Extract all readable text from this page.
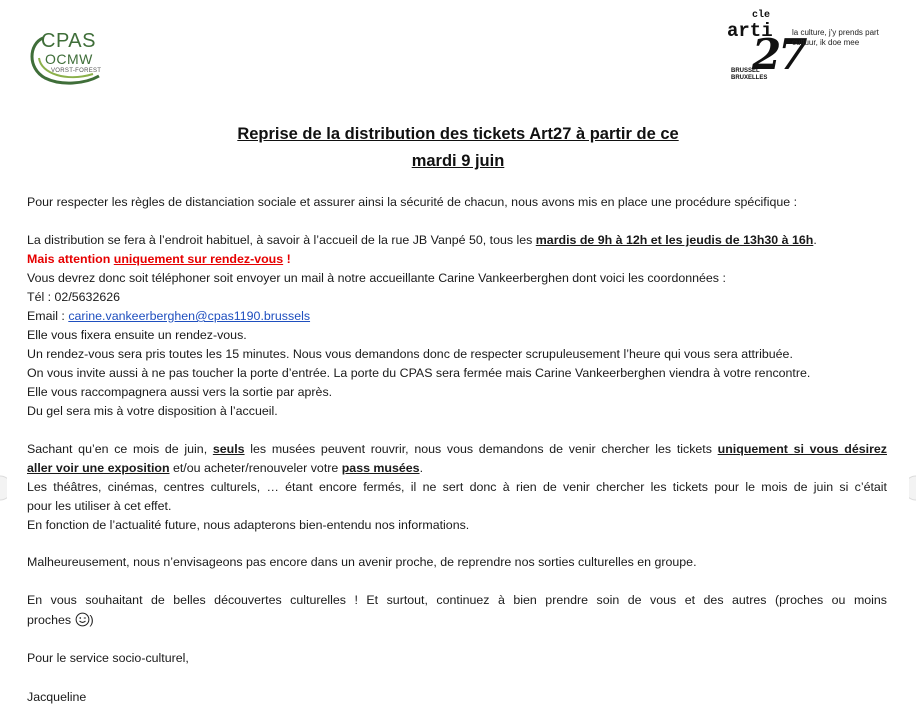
CPAS
OCMW
VORST-FOREST
cle
arti
27
la culture, j'y prends part
cultuur, ik doe mee
BRUSSEL
BRUXELLES
Reprise de la distribution des tickets Art27 à partir de ce
mardi 9 juin
Pour respecter les règles de distanciation sociale et assurer ainsi la sécurité de chacun, nous avons mis en place une procédure spécifique :
La distribution se fera à l’endroit habituel, à savoir à l’accueil de la rue JB Vanpé 50, tous les mardis de 9h à 12h et les jeudis de 13h30 à 16h.
Mais attention uniquement sur rendez-vous !
Vous devrez donc soit téléphoner soit envoyer un mail à notre accueillante Carine Vankeerberghen dont voici les coordonnées :
Tél : 02/5632626
Email : carine.vankeerberghen@cpas1190.brussels
Elle vous fixera ensuite un rendez-vous.
Un rendez-vous sera pris toutes les 15 minutes. Nous vous demandons donc de respecter scrupuleusement l’heure qui vous sera attribuée.
On vous invite aussi à ne pas toucher la porte d’entrée. La porte du CPAS sera fermée mais Carine Vankeerberghen viendra à votre rencontre.
Elle vous raccompagnera aussi vers la sortie par après.
Du gel sera mis à votre disposition à l’accueil.
Sachant qu’en ce mois de juin, seuls les musées peuvent rouvrir, nous vous demandons de venir chercher les tickets uniquement si vous désirez
aller voir une exposition et/ou acheter/renouveler votre pass musées.
Les théâtres, cinémas, centres culturels, … étant encore fermés, il ne sert donc à rien de venir chercher les tickets pour le mois de juin si c’était
pour les utiliser à cet effet.
En fonction de l’actualité future, nous adapterons bien-entendu nos informations.
Malheureusement, nous n’envisageons pas encore dans un avenir proche, de reprendre nos sorties culturelles en groupe.
En vous souhaitant de belles découvertes culturelles ! Et surtout, continuez à bien prendre soin de vous et des autres (proches ou moins
proches )
Pour le service socio-culturel,
Jacqueline
